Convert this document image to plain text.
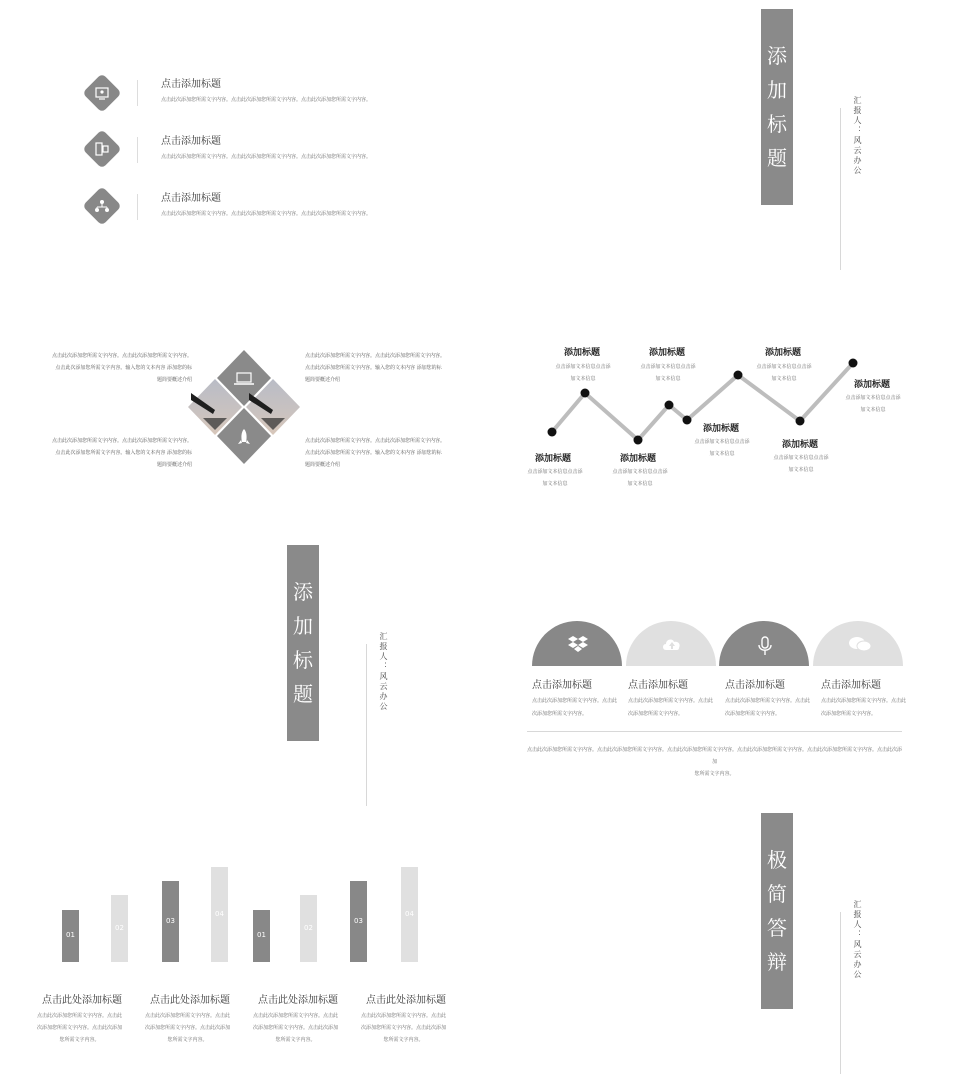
点击添加标题
点击此次添加您所需文字内容。点击此次添加您所需文字内容。点击此次添加您所需文字内容。
点击添加标题
点击此次添加您所需文字内容。点击此次添加您所需文字内容。点击此次添加您所需文字内容。
点击添加标题
点击此次添加您所需文字内容。点击此次添加您所需文字内容。点击此次添加您所需文字内容。
添
加
标
题	汇报人：风云办公
点击此次添加您所需文字内容。点击此次添加您所需文字内容。
点击此次添加您所需文字内容。输入您的文本内容 添加您的标
题简要概述介绍
点击此次添加您所需文字内容。点击此次添加您所需文字内容。
点击此次添加您所需文字内容。输入您的文本内容 添加您的标
题简要概述介绍
点击此次添加您所需文字内容。点击此次添加您所需文字内容。
点击此次添加您所需文字内容。输入您的文本内容 添加您的标
题简要概述介绍
点击此次添加您所需文字内容。点击此次添加您所需文字内容。
点击此次添加您所需文字内容。输入您的文本内容 添加您的标
题简要概述介绍
添加标题
点击添加文本信息点击添
加文本信息
添加标题
点击添加文本信息点击添
加文本信息
添加标题
点击添加文本信息点击添
加文本信息
添加标题
点击添加文本信息点击添
加文本信息
添加标题
点击添加文本信息点击添
加文本信息
添加标题
点击添加文本信息点击添
加文本信息
添加标题
点击添加文本信息点击添
加文本信息
添加标题
点击添加文本信息点击添
加文本信息
添
加
标
题	汇报人：风云办公	点击添加标题
点击此次添加您所需文字内容。点击此
次添加您所需文字内容。
点击添加标题
点击此次添加您所需文字内容。点击此
次添加您所需文字内容。
点击添加标题
点击此次添加您所需文字内容。点击此
次添加您所需文字内容。
点击添加标题
点击此次添加您所需文字内容。点击此
次添加您所需文字内容。
点击此次添加您所需文字内容。点击此次添加您所需文字内容。点击此次添加您所需文字内容。点击此次添加您所需文字内容。点击此次添加您所需文字内容。点击此次添加
您所需文字内容。
01
02
03
04
01
02
03
04
点击此处添加标题
点击此次添加您所需文字内容。点击此
次添加您所需文字内容。点击此次添加
您所需文字内容。
点击此处添加标题
点击此次添加您所需文字内容。点击此
次添加您所需文字内容。点击此次添加
您所需文字内容。
点击此处添加标题
点击此次添加您所需文字内容。点击此
次添加您所需文字内容。点击此次添加
您所需文字内容。
点击此处添加标题
点击此次添加您所需文字内容。点击此
次添加您所需文字内容。点击此次添加
您所需文字内容。
极
简
答
辩	汇报人：风云办公
